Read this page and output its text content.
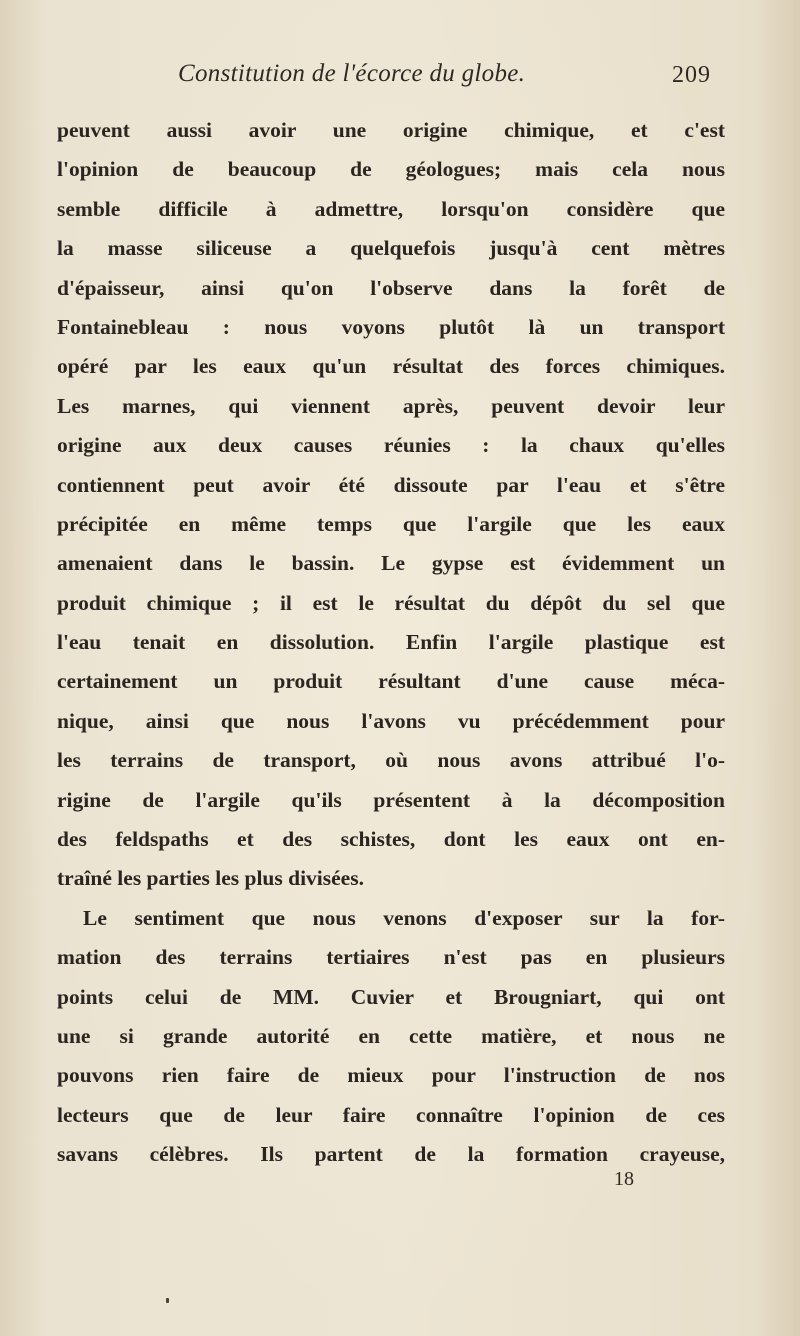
Constitution de l'écorce du globe.	209
peuvent aussi avoir une origine chimique, et c'est
l'opinion de beaucoup de géologues; mais cela nous
semble difficile à admettre, lorsqu'on considère que
la masse siliceuse a quelquefois jusqu'à cent mètres
d'épaisseur, ainsi qu'on l'observe dans la forêt de
Fontainebleau : nous voyons plutôt là un transport
opéré par les eaux qu'un résultat des forces chimiques.
Les marnes, qui viennent après, peuvent devoir leur
origine aux deux causes réunies : la chaux qu'elles
contiennent peut avoir été dissoute par l'eau et s'être
précipitée en même temps que l'argile que les eaux
amenaient dans le bassin. Le gypse est évidemment un
produit chimique ; il est le résultat du dépôt du sel que
l'eau tenait en dissolution. Enfin l'argile plastique est
certainement un produit résultant d'une cause méca-
nique, ainsi que nous l'avons vu précédemment pour
les terrains de transport, où nous avons attribué l'o-
rigine de l'argile qu'ils présentent à la décomposition
des feldspaths et des schistes, dont les eaux ont en-
traîné les parties les plus divisées.
Le sentiment que nous venons d'exposer sur la for-
mation des terrains tertiaires n'est pas en plusieurs
points celui de MM. Cuvier et Brougniart, qui ont
une si grande autorité en cette matière, et nous ne
pouvons rien faire de mieux pour l'instruction de nos
lecteurs que de leur faire connaître l'opinion de ces
savans célèbres. Ils partent de la formation crayeuse,
18
